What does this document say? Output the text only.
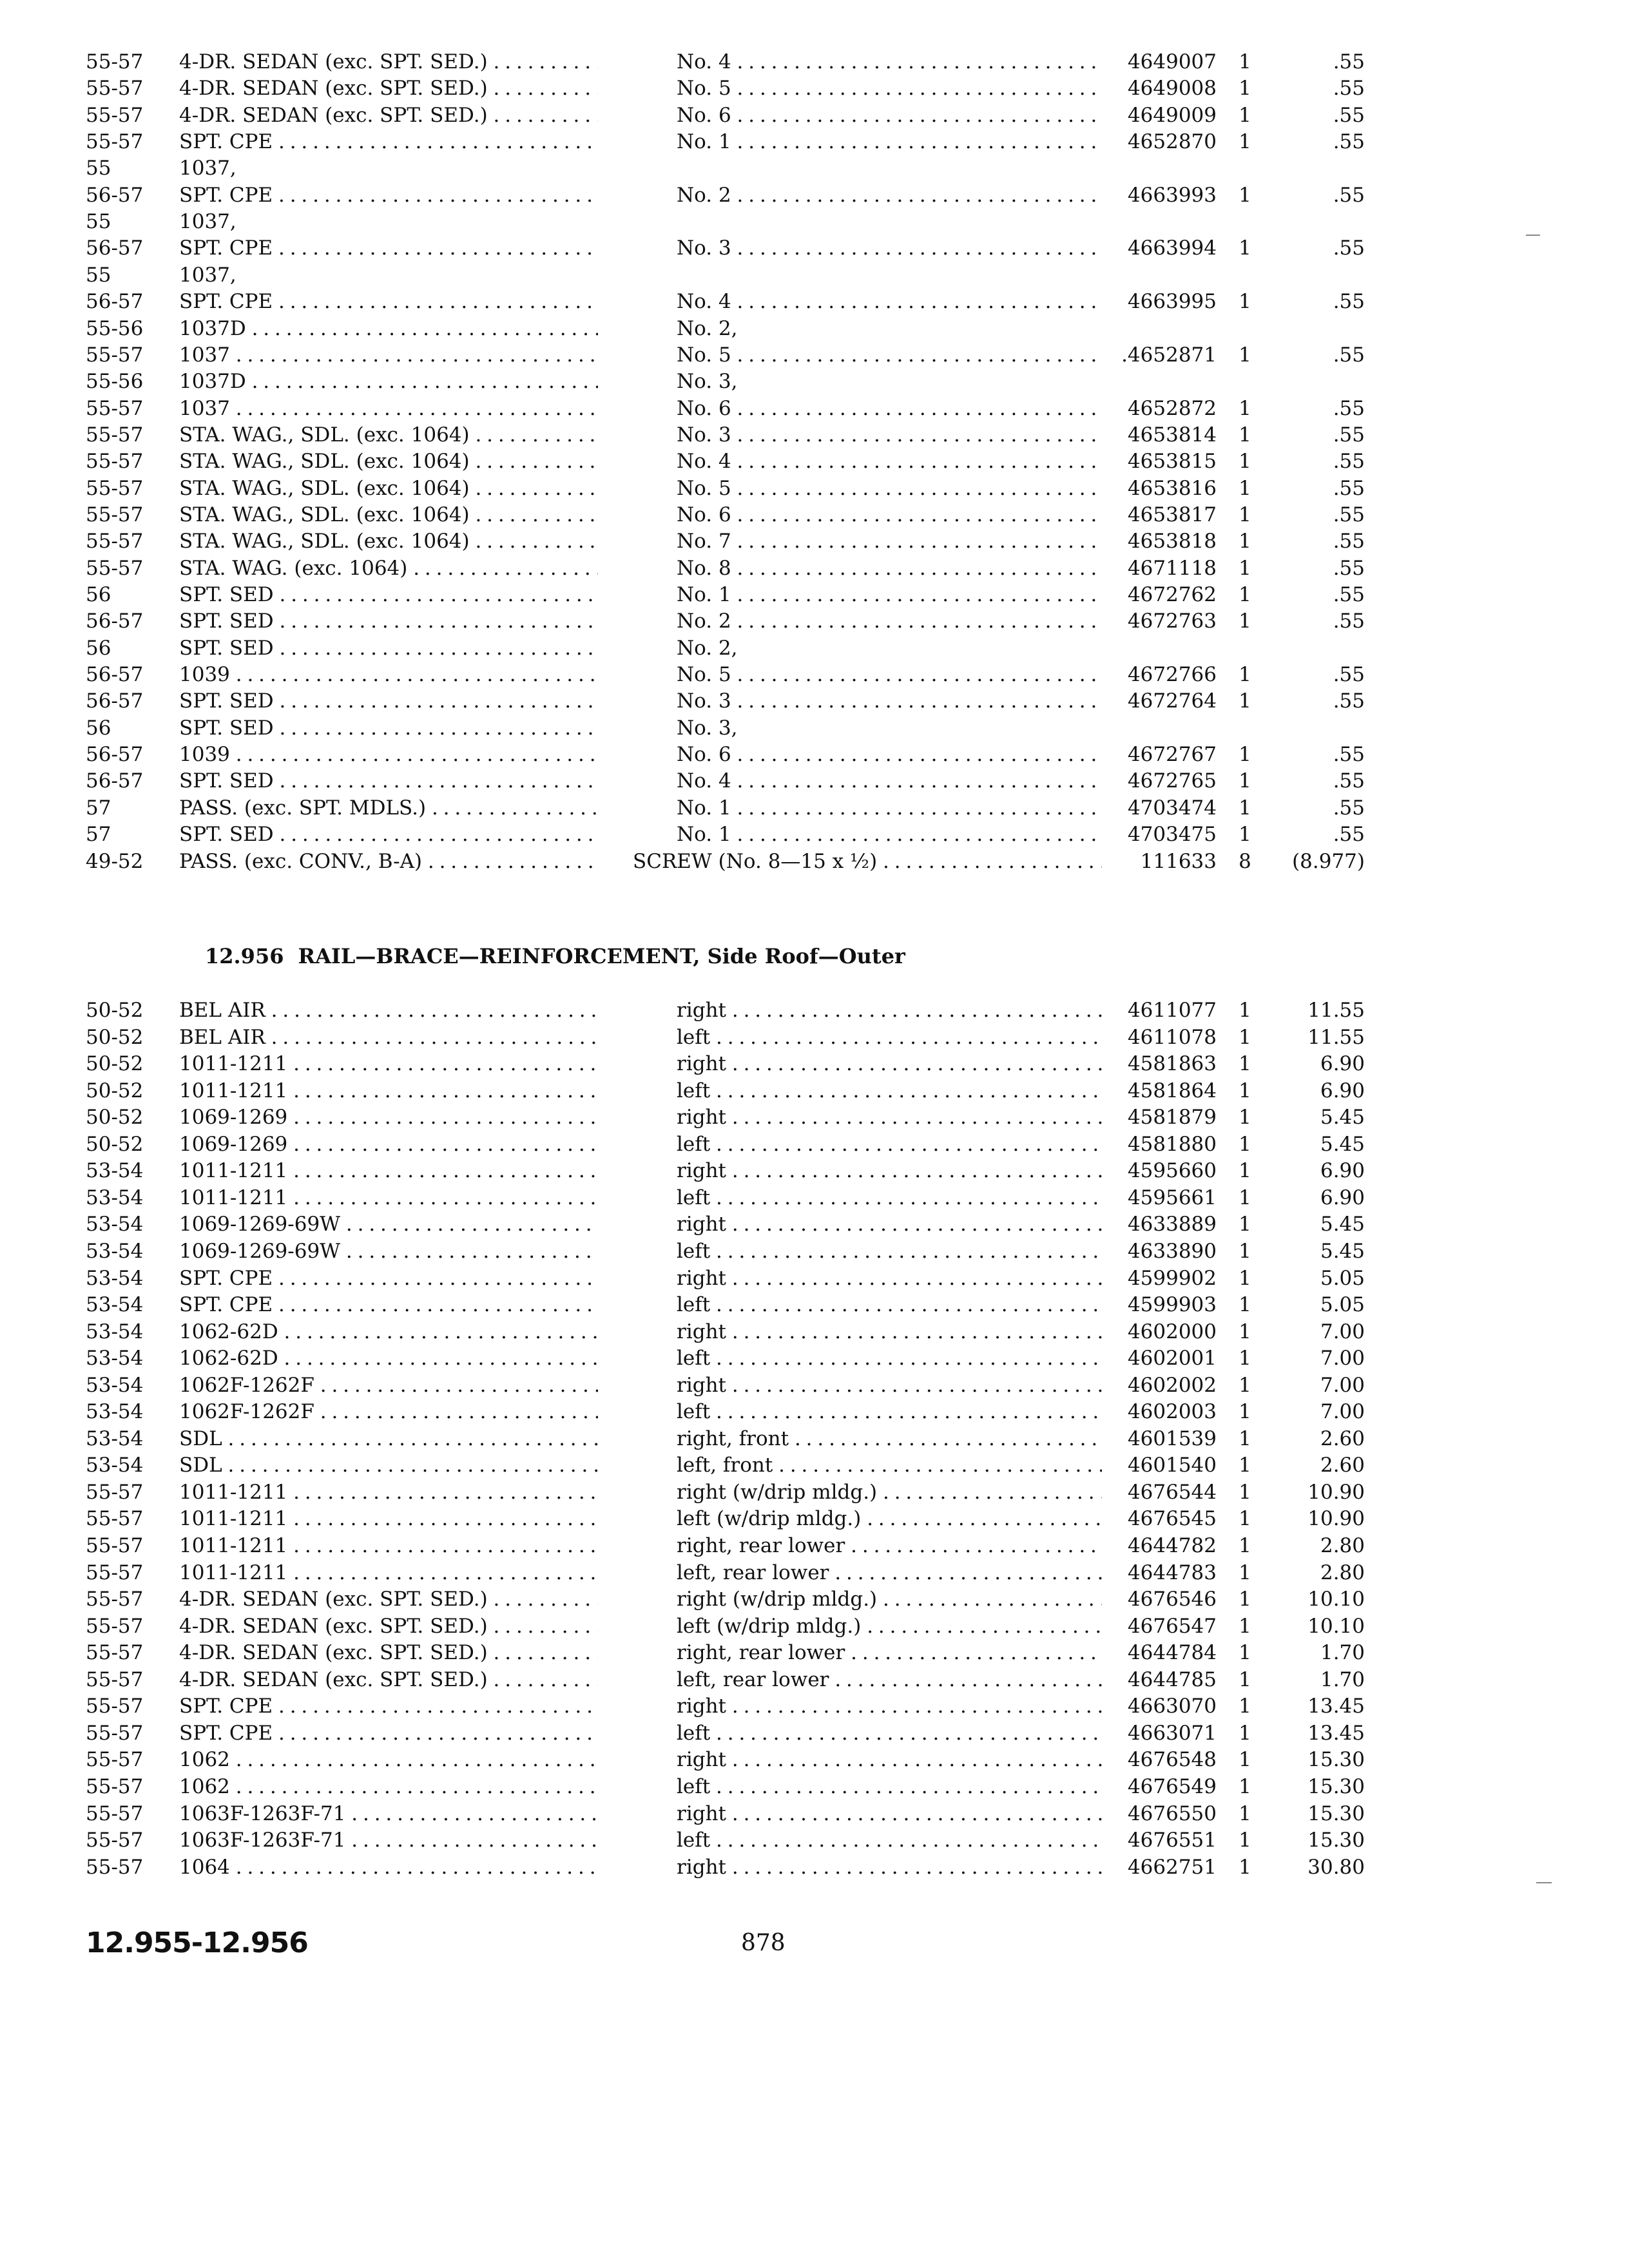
55-57	4-DR. SEDAN (exc. SPT. SED.) . . .	No. 4 . . .	4649007	1	.55
55-57	4-DR. SEDAN (exc. SPT. SED.) . . .	No. 5 . . .	4649008	1	.55
55-57	4-DR. SEDAN (exc. SPT. SED.) . . .	No. 6 . . .	4649009	1	.55
55-57	SPT. CPE . . .	No. 1 . . .	4652870	1	.55
55	1037,
56-57	SPT. CPE . . .	No. 2 . . .	4663993	1	.55
55	1037,
56-57	SPT. CPE . . .	No. 3 . . .	4663994	1	.55
55	1037,
56-57	SPT. CPE . . .	No. 4 . . .	4663995	1	.55
55-56	1037D . . .	No. 2,
55-57	1037 . . .	No. 5 . . .	.4652871	1	.55
55-56	1037D . . .	No. 3,
55-57	1037 . . .	No. 6 . . .	4652872	1	.55
55-57	STA. WAG., SDL. (exc. 1064) . . .	No. 3 . . .	4653814	1	.55
55-57	STA. WAG., SDL. (exc. 1064) . . .	No. 4 . . .	4653815	1	.55
55-57	STA. WAG., SDL. (exc. 1064) . . .	No. 5 . . .	4653816	1	.55
55-57	STA. WAG., SDL. (exc. 1064) . . .	No. 6 . . .	4653817	1	.55
55-57	STA. WAG., SDL. (exc. 1064) . . .	No. 7 . . .	4653818	1	.55
55-57	STA. WAG. (exc. 1064) . . .	No. 8 . . .	4671118	1	.55
56	SPT. SED . . .	No. 1 . . .	4672762	1	.55
56-57	SPT. SED . . .	No. 2 . . .	4672763	1	.55
56	SPT. SED . . .	No. 2,
56-57	1039 . . .	No. 5 . . .	4672766	1	.55
56-57	SPT. SED . . .	No. 3 . . .	4672764	1	.55
56	SPT. SED . . .	No. 3,
56-57	1039 . . .	No. 6 . . .	4672767	1	.55
56-57	SPT. SED . . .	No. 4 . . .	4672765	1	.55
57	PASS. (exc. SPT. MDLS.) . . .	No. 1 . . .	4703474	1	.55
57	SPT. SED . . .	No. 1 . . .	4703475	1	.55
49-52	PASS. (exc. CONV., B-A) . . .	SCREW (No. 8—15 x ½) . . .	111633	8	(8.977)
12.956 RAIL—BRACE—REINFORCEMENT, Side Roof—Outer
50-52	BEL AIR . . .	right . . .	4611077	1	11.55
50-52	BEL AIR . . .	left . . .	4611078	1	11.55
50-52	1011-1211 . . .	right . . .	4581863	1	6.90
50-52	1011-1211 . . .	left . . .	4581864	1	6.90
50-52	1069-1269 . . .	right . . .	4581879	1	5.45
50-52	1069-1269 . . .	left . . .	4581880	1	5.45
53-54	1011-1211 . . .	right . . .	4595660	1	6.90
53-54	1011-1211 . . .	left . . .	4595661	1	6.90
53-54	1069-1269-69W . . .	right . . .	4633889	1	5.45
53-54	1069-1269-69W . . .	left . . .	4633890	1	5.45
53-54	SPT. CPE . . .	right . . .	4599902	1	5.05
53-54	SPT. CPE . . .	left . . .	4599903	1	5.05
53-54	1062-62D . . .	right . . .	4602000	1	7.00
53-54	1062-62D . . .	left . . .	4602001	1	7.00
53-54	1062F-1262F . . .	right . . .	4602002	1	7.00
53-54	1062F-1262F . . .	left . . .	4602003	1	7.00
53-54	SDL . . .	right, front . . .	4601539	1	2.60
53-54	SDL . . .	left, front . . .	4601540	1	2.60
55-57	1011-1211 . . .	right (w/drip mldg.) . . .	4676544	1	10.90
55-57	1011-1211 . . .	left (w/drip mldg.) . . .	4676545	1	10.90
55-57	1011-1211 . . .	right, rear lower . . .	4644782	1	2.80
55-57	1011-1211 . . .	left, rear lower . . .	4644783	1	2.80
55-57	4-DR. SEDAN (exc. SPT. SED.) . . .	right (w/drip mldg.) . . .	4676546	1	10.10
55-57	4-DR. SEDAN (exc. SPT. SED.) . . .	left (w/drip mldg.) . . .	4676547	1	10.10
55-57	4-DR. SEDAN (exc. SPT. SED.) . . .	right, rear lower . . .	4644784	1	1.70
55-57	4-DR. SEDAN (exc. SPT. SED.) . . .	left, rear lower . . .	4644785	1	1.70
55-57	SPT. CPE . . .	right . . .	4663070	1	13.45
55-57	SPT. CPE . . .	left . . .	4663071	1	13.45
55-57	1062 . . .	right . . .	4676548	1	15.30
55-57	1062 . . .	left . . .	4676549	1	15.30
55-57	1063F-1263F-71 . . .	right . . .	4676550	1	15.30
55-57	1063F-1263F-71 . . .	left . . .	4676551	1	15.30
55-57	1064 . . .	right . . .	4662751	1	30.80
12.955-12.956	878
